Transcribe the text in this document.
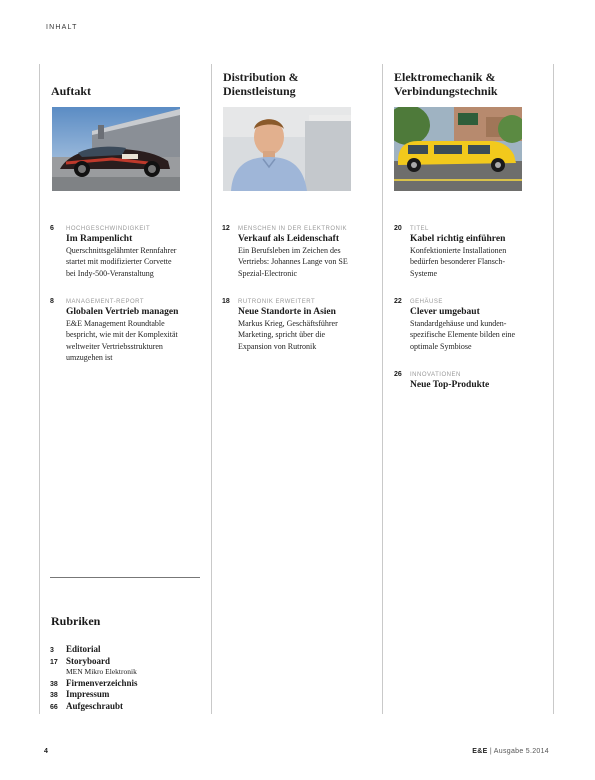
INHALT

Auftakt
Distribution &
Dienstleistung
Elektromechanik &
Verbindungstechnik
6	HOCHGESCHWINDIGKEIT
Im Rampenlicht
Querschnittsgelähmter Rennfahrer
startet mit modifizierter Corvette
bei Indy-500-Veranstaltung
8	MANAGEMENT-REPORT
Globalen Vertrieb managen
E&E Management Roundtable
bespricht, wie mit der Komplexität
weltweiter Vertriebsstrukturen
umzugehen ist
12	MENSCHEN IN DER ELEKTRONIK
Verkauf als Leidenschaft
Ein Berufsleben im Zeichen des
Vertriebs: Johannes Lange von SE
Spezial-Electronic
18	RUTRONIK ERWEITERT
Neue Standorte in Asien
Markus Krieg, Geschäftsführer
Marketing, spricht über die
Expansion von Rutronik
20	TITEL
Kabel richtig einführen
Konfektionierte Installationen
bedürfen besonderer Flansch-
Systeme
22	GEHÄUSE
Clever umgebaut
Standardgehäuse und kunden-
spezifische Elemente bilden eine
optimale Symbiose
26	INNOVATIONEN
Neue Top-Produkte
Rubriken
3	Editorial
17 Storyboard
MEN Mikro Elektronik
38 Firmenverzeichnis
38 Impressum
66 Aufgeschraubt
4	E&E | Ausgabe 5.2014
